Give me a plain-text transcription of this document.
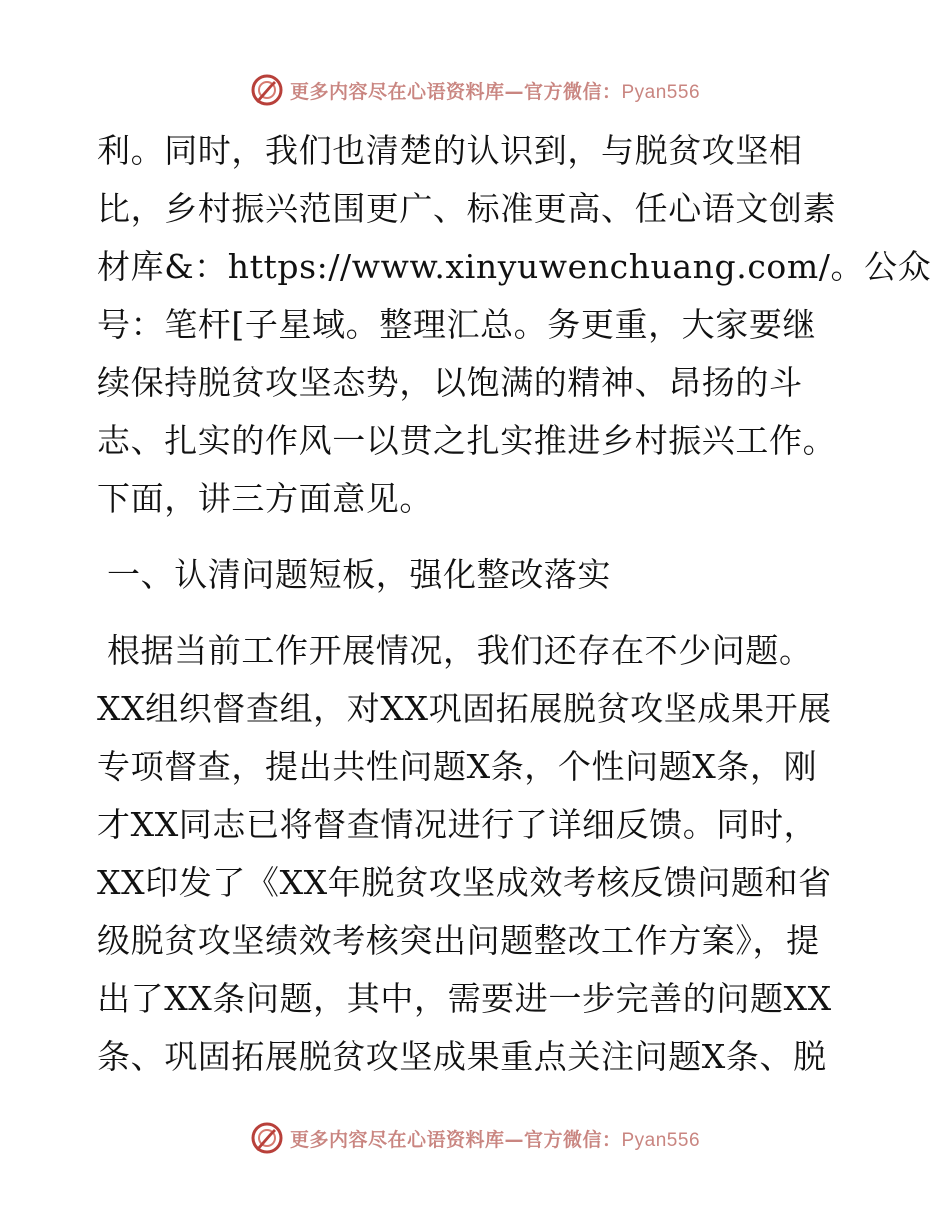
更多内容尽在心语资料库—官方微信：Pyan556
利。同时，我们也清楚的认识到，与脱贫攻坚相
比，乡村振兴范围更广、标准更高、任心语文创素
材库&：https://www.xinyuwenchuang.com/。公众
号：笔杆[子星域。整理汇总。务更重，大家要继
续保持脱贫攻坚态势，以饱满的精神、昂扬的斗
志、扎实的作风一以贯之扎实推进乡村振兴工作。
下面，讲三方面意见。
一、认清问题短板，强化整改落实
根据当前工作开展情况，我们还存在不少问题。
XX组织督查组，对XX巩固拓展脱贫攻坚成果开展
专项督查，提出共性问题X条，个性问题X条，刚
才XX同志已将督查情况进行了详细反馈。同时，
XX印发了《XX年脱贫攻坚成效考核反馈问题和省
级脱贫攻坚绩效考核突出问题整改工作方案》，提
出了XX条问题，其中，需要进一步完善的问题XX
条、巩固拓展脱贫攻坚成果重点关注问题X条、脱
更多内容尽在心语资料库—官方微信：Pyan556
